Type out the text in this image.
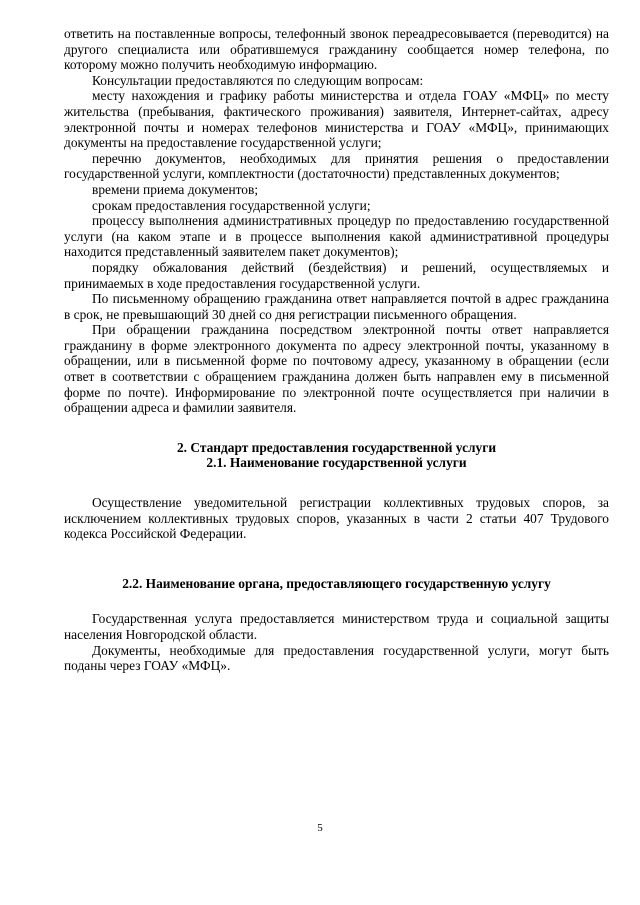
ответить на поставленные вопросы, телефонный звонок переадресовывается (переводится) на другого специалиста или обратившемуся гражданину сообщается номер телефона, по которому можно получить необходимую информацию.

Консультации предоставляются по следующим вопросам:

месту нахождения и графику работы министерства и отдела ГОАУ «МФЦ» по месту жительства (пребывания, фактического проживания) заявителя, Интернет-сайтах, адресу электронной почты и номерах телефонов министерства и ГОАУ «МФЦ», принимающих документы на предоставление государственной услуги;

перечню документов, необходимых для принятия решения о предоставлении государственной услуги, комплектности (достаточности) представленных документов;

времени приема документов;

срокам предоставления государственной услуги;

процессу выполнения административных процедур по предоставлению государственной услуги (на каком этапе и в процессе выполнения какой административной процедуры находится представленный заявителем пакет документов);

порядку обжалования действий (бездействия) и решений, осуществляемых и принимаемых в ходе предоставления государственной услуги.

По письменному обращению гражданина ответ направляется почтой в адрес гражданина в срок, не превышающий 30 дней со дня регистрации письменного обращения.

При обращении гражданина посредством электронной почты ответ направляется гражданину в форме электронного документа по адресу электронной почты, указанному в обращении, или в письменной форме по почтовому адресу, указанному в обращении (если ответ в соответствии с обращением гражданина должен быть направлен ему в письменной форме по почте). Информирование по электронной почте осуществляется при наличии в обращении адреса и фамилии заявителя.

2. Стандарт предоставления государственной услуги

2.1. Наименование государственной услуги

Осуществление уведомительной регистрации коллективных трудовых споров, за исключением коллективных трудовых споров, указанных в части 2 статьи 407 Трудового кодекса Российской Федерации.

2.2. Наименование органа, предоставляющего государственную услугу

Государственная услуга предоставляется министерством труда и социальной защиты населения Новгородской области.

Документы, необходимые для предоставления государственной услуги, могут быть поданы через ГОАУ «МФЦ».

5
